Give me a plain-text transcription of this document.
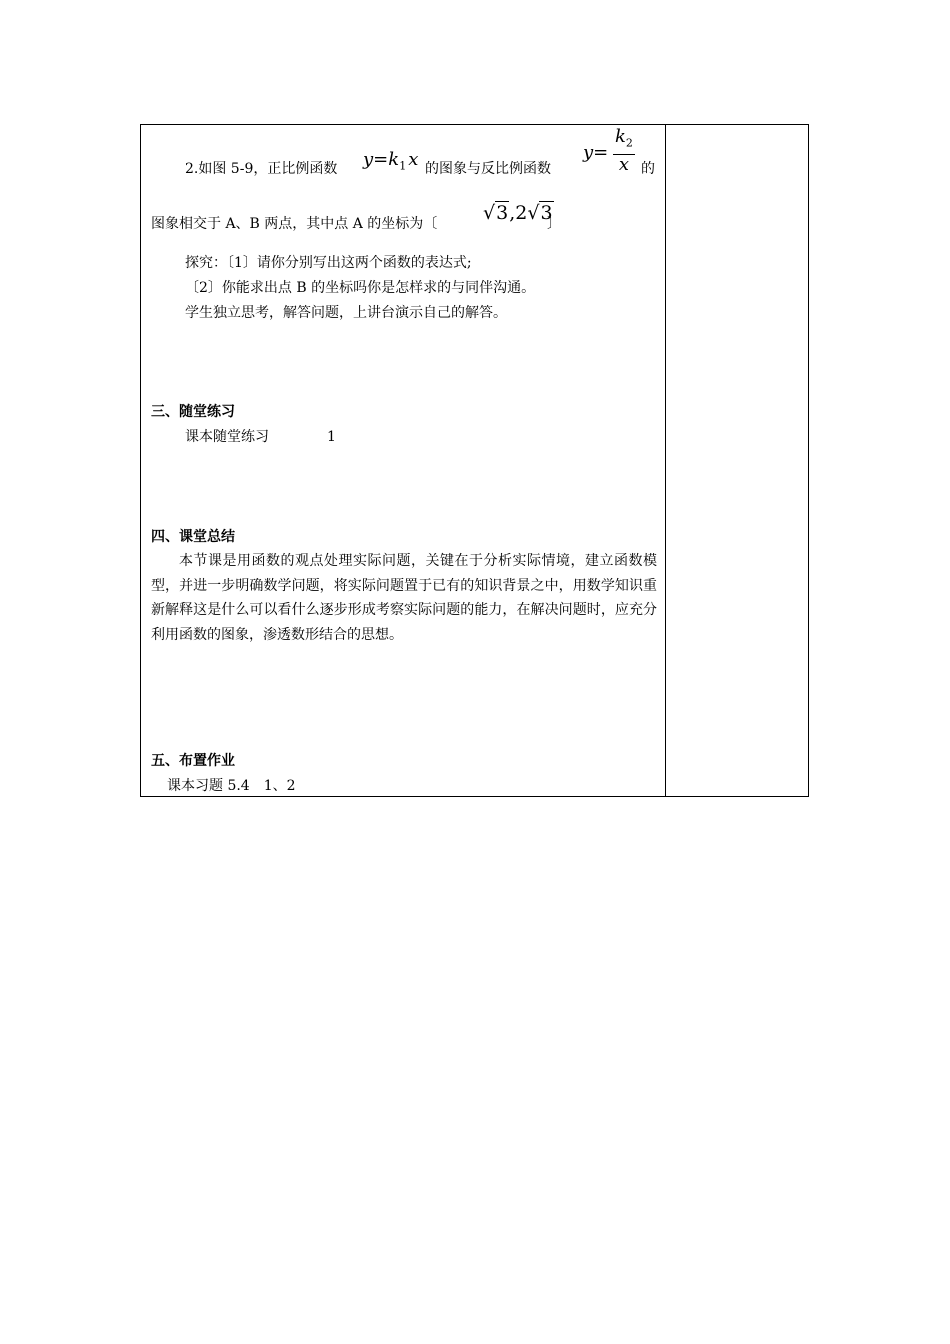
2.如图 5-9，正比例函数 $y=k_1$ x 的图象与反比例函数
$y= \frac{k_2}{x}$ 的
图象相交于 A、B 两点，其中点 A 的坐标为〔 √3,2√3
〕
探究：〔1〕请你分别写出这两个函数的表达式;
〔2〕你能求出点 B 的坐标吗你是怎样求的与同伴沟通。
学生独立思考，解答问题，上讲台演示自己的解答。
三、随堂练习
课本随堂练习	1
四、课堂总结
本节课是用函数的观点处理实际问题，关键在于分析实际情境，建立函数模型，并进一步明确数学问题，将实际问题置于已有的知识背景之中，用数学知识重新解释这是什么可以看什么逐步形成考察实际问题的能力，在解决问题时，应充分利用函数的图象，渗透数形结合的思想。
五、布置作业
课本习题 5.4　1、2
